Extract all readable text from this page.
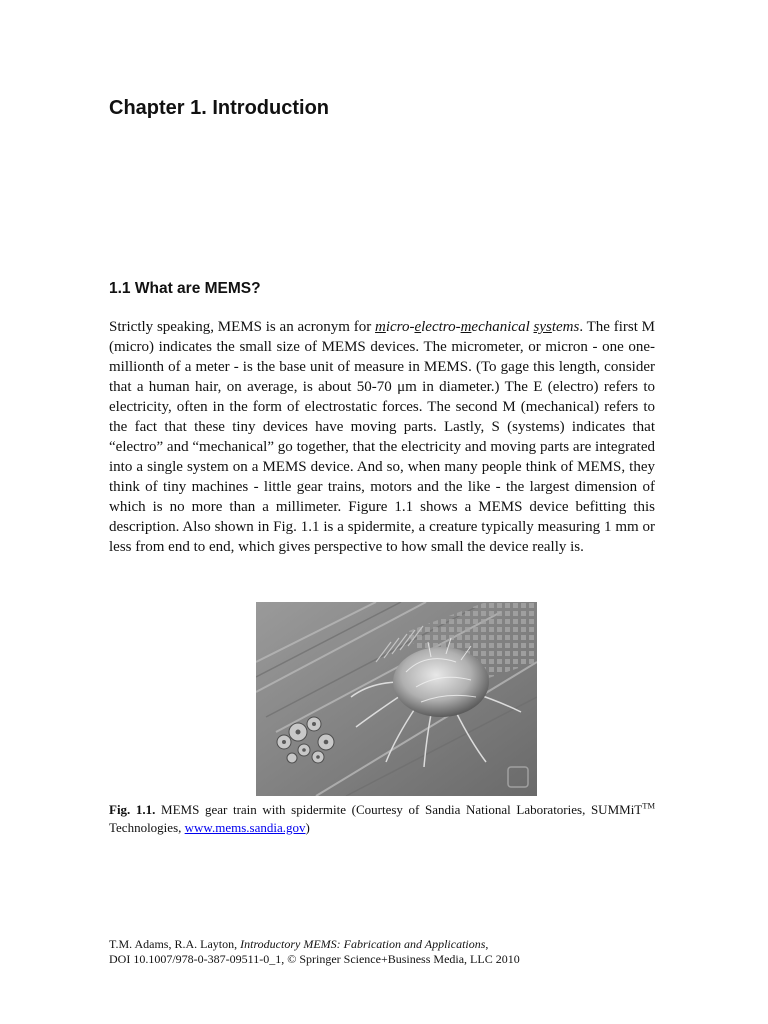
Chapter 1. Introduction
1.1 What are MEMS?

Strictly speaking, MEMS is an acronym for micro-electro-mechanical systems. The first M (micro) indicates the small size of MEMS devices. The micrometer, or micron - one one-millionth of a meter - is the base unit of measure in MEMS. (To gage this length, consider that a human hair, on average, is about 50-70 μm in diameter.) The E (electro) refers to electricity, often in the form of electrostatic forces. The second M (mechanical) refers to the fact that these tiny devices have moving parts. Lastly, S (systems) indicates that “electro” and “mechanical” go together, that the electricity and moving parts are integrated into a single system on a MEMS device. And so, when many people think of MEMS, they think of tiny machines - little gear trains, motors and the like - the largest dimension of which is no more than a millimeter. Figure 1.1 shows a MEMS device befitting this description. Also shown in Fig. 1.1 is a spidermite, a creature typically measuring 1 mm or less from end to end, which gives perspective to how small the device really is.

Fig. 1.1. MEMS gear train with spidermite (Courtesy of Sandia National Laboratories, SUMMiT™ Technologies, www.mems.sandia.gov)

T.M. Adams, R.A. Layton, Introductory MEMS: Fabrication and Applications,
DOI 10.1007/978-0-387-09511-0_1, © Springer Science+Business Media, LLC 2010
